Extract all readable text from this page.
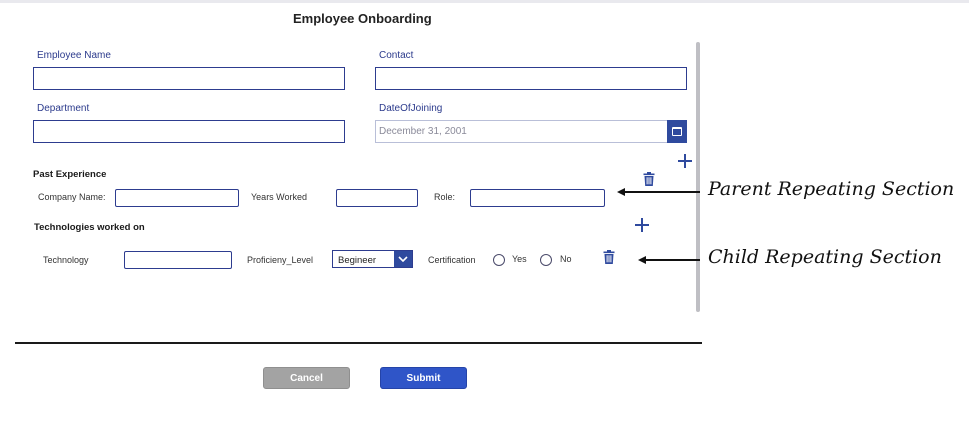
Employee Onboarding
Employee Name	Contact
Department	DateOfJoining
December 31, 2001
Past Experience
Company Name:	Years Worked	Role:
Technologies worked on
Technology	Proficieny_Level	Begineer	Certification	Yes	No
Cancel	Submit
Parent Repeating Section
Child Repeating Section
